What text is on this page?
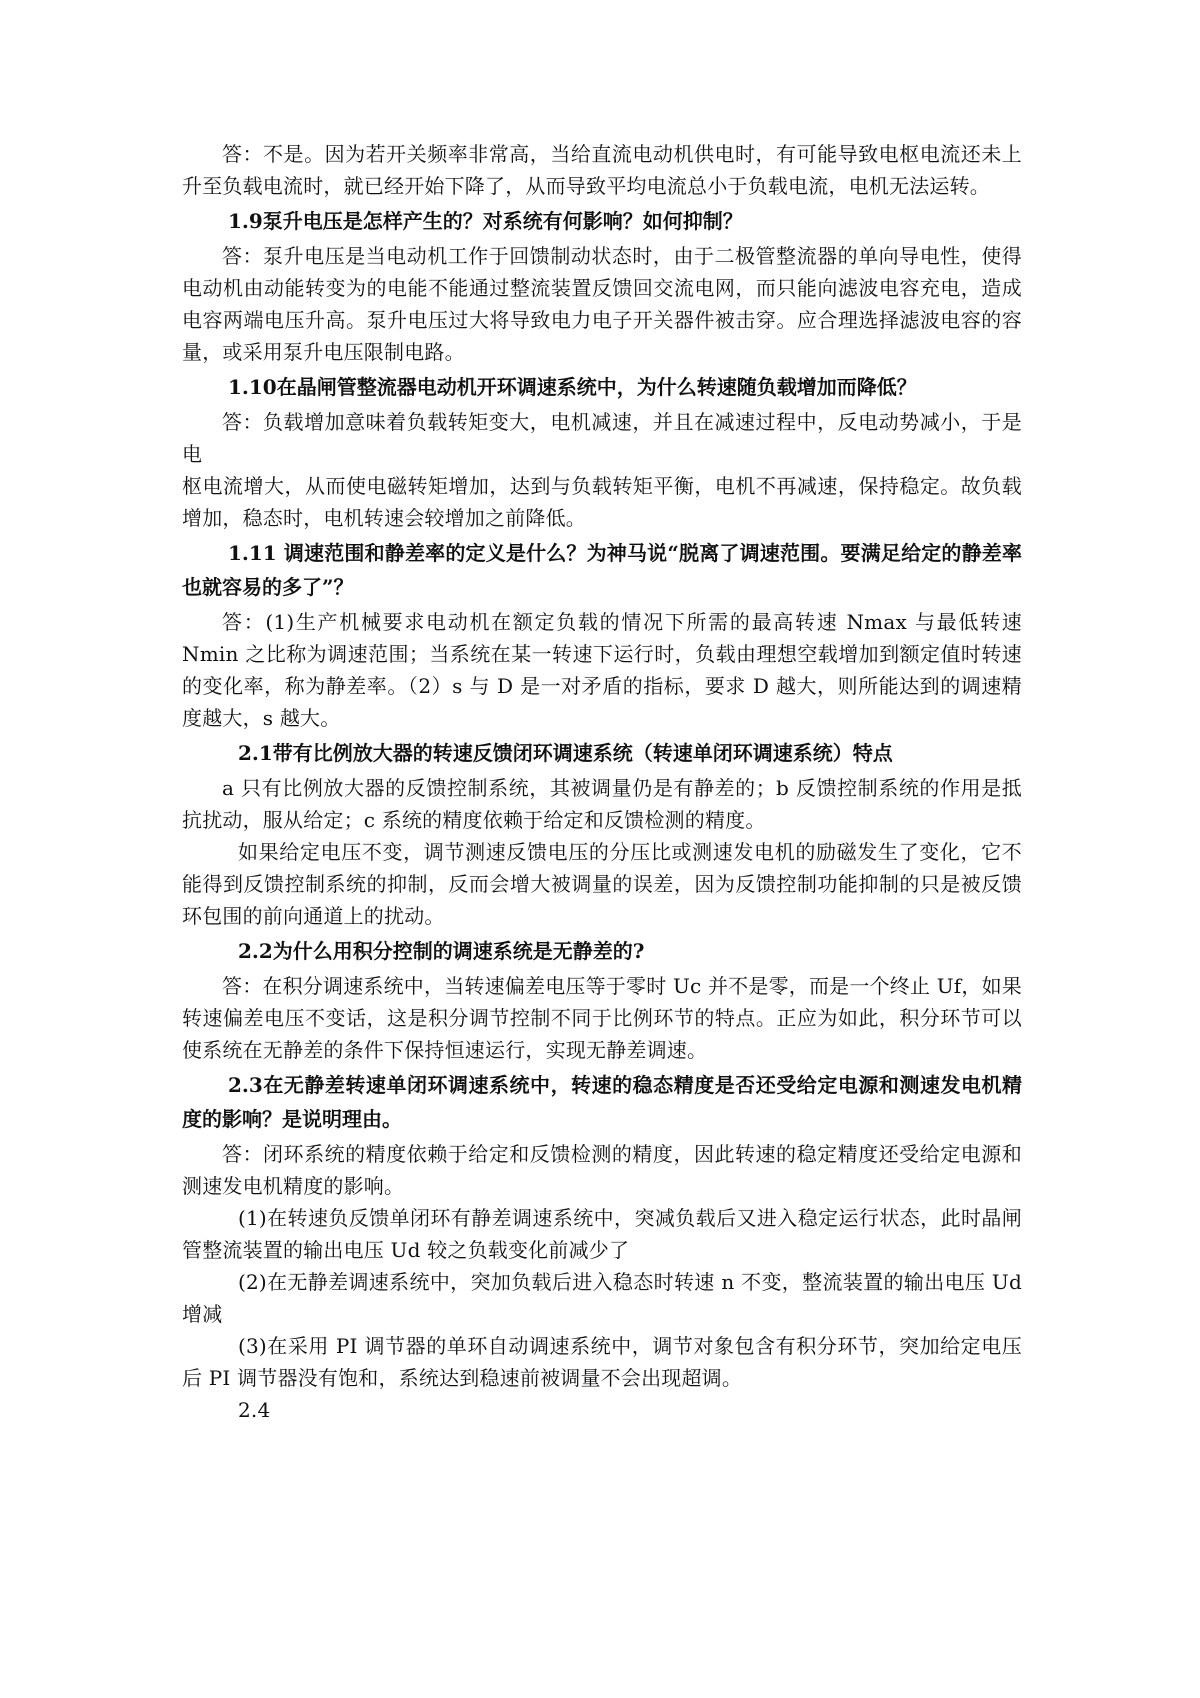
答：不是。因为若开关频率非常高，当给直流电动机供电时，有可能导致电枢电流还未上升至负载电流时，就已经开始下降了，从而导致平均电流总小于负载电流，电机无法运转。

1.9泵升电压是怎样产生的？对系统有何影响？如何抑制？

答：泵升电压是当电动机工作于回馈制动状态时，由于二极管整流器的单向导电性，使得电动机由动能转变为的电能不能通过整流装置反馈回交流电网，而只能向滤波电容充电，造成电容两端电压升高。泵升电压过大将导致电力电子开关器件被击穿。应合理选择滤波电容的容量，或采用泵升电压限制电路。

1.10在晶闸管整流器电动机开环调速系统中，为什么转速随负载增加而降低？

答：负载增加意味着负载转矩变大，电机减速，并且在减速过程中，反电动势减小，于是电

枢电流增大，从而使电磁转矩增加，达到与负载转矩平衡，电机不再减速，保持稳定。故负载增加，稳态时，电机转速会较增加之前降低。

1.11 调速范围和静差率的定义是什么？为神马说“脱离了调速范围。要满足给定的静差率也就容易的多了”？

答：(1)生产机械要求电动机在额定负载的情况下所需的最高转速 Nmax 与最低转速 Nmin 之比称为调速范围；当系统在某一转速下运行时，负载由理想空载增加到额定值时转速的变化率，称为静差率。（2）s 与 D 是一对矛盾的指标，要求 D 越大，则所能达到的调速精度越大，s 越大。

2.1带有比例放大器的转速反馈闭环调速系统（转速单闭环调速系统）特点

a 只有比例放大器的反馈控制系统，其被调量仍是有静差的；b 反馈控制系统的作用是抵抗扰动，服从给定；c 系统的精度依赖于给定和反馈检测的精度。

如果给定电压不变，调节测速反馈电压的分压比或测速发电机的励磁发生了变化，它不能得到反馈控制系统的抑制，反而会增大被调量的误差，因为反馈控制功能抑制的只是被反馈环包围的前向通道上的扰动。

2.2为什么用积分控制的调速系统是无静差的?

答：在积分调速系统中，当转速偏差电压等于零时 Uc 并不是零，而是一个终止 Uf，如果转速偏差电压不变话，这是积分调节控制不同于比例环节的特点。正应为如此，积分环节可以使系统在无静差的条件下保持恒速运行，实现无静差调速。

2.3在无静差转速单闭环调速系统中，转速的稳态精度是否还受给定电源和测速发电机精度的影响？是说明理由。

答：闭环系统的精度依赖于给定和反馈检测的精度，因此转速的稳定精度还受给定电源和测速发电机精度的影响。

(1)在转速负反馈单闭环有静差调速系统中，突减负载后又进入稳定运行状态，此时晶闸管整流装置的输出电压 Ud 较之负载变化前减少了

(2)在无静差调速系统中，突加负载后进入稳态时转速 n 不变，整流装置的输出电压 Ud 增减

(3)在采用 PI 调节器的单环自动调速系统中，调节对象包含有积分环节，突加给定电压后 PI 调节器没有饱和，系统达到稳速前被调量不会出现超调。

2.4
